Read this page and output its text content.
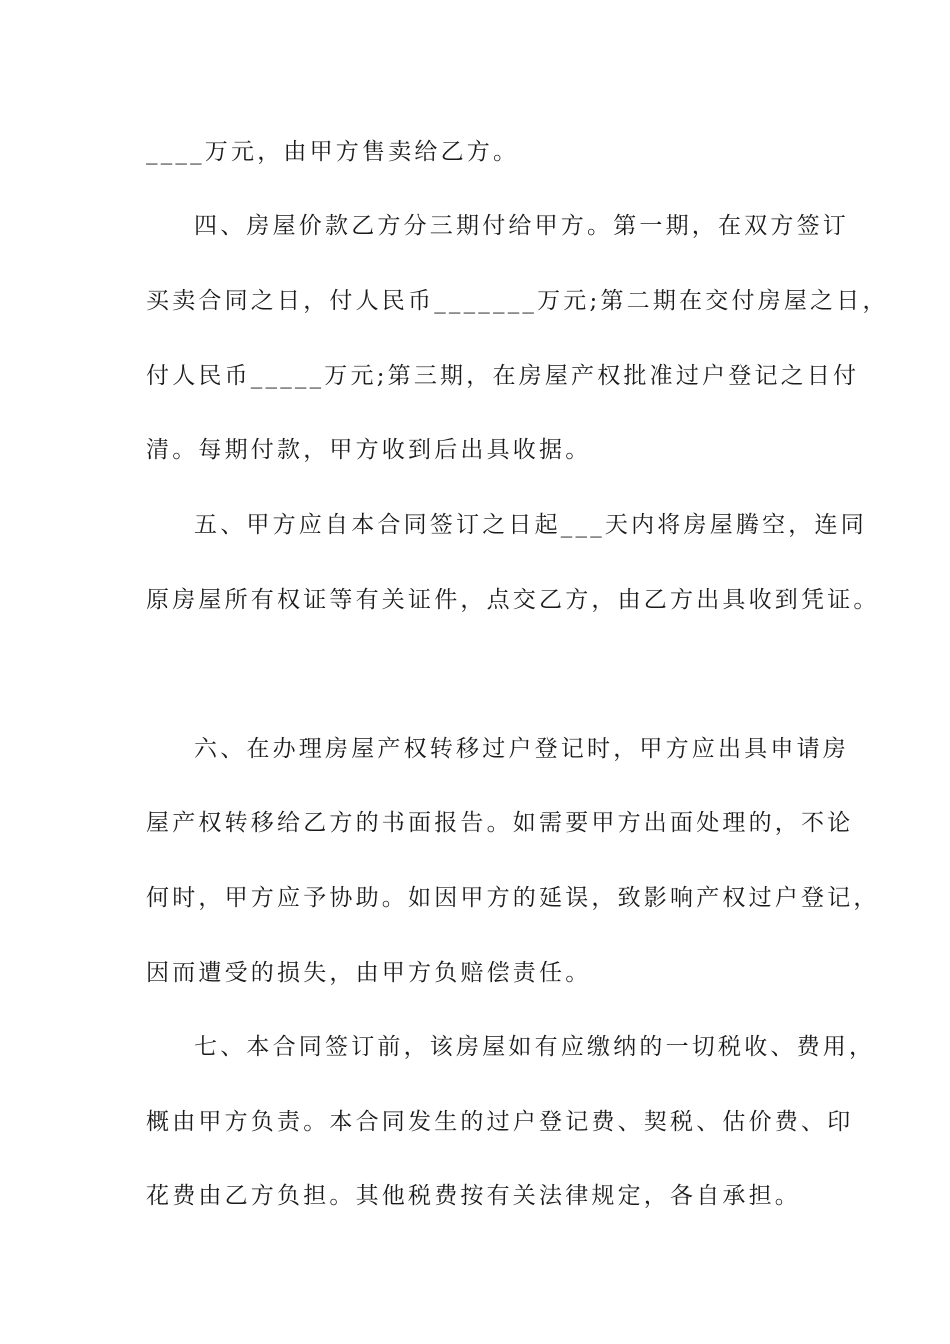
____万元，由甲方售卖给乙方。
四、房屋价款乙方分三期付给甲方。第一期，在双方签订
买卖合同之日，付人民币_______万元;第二期在交付房屋之日，
付人民币_____万元;第三期，在房屋产权批准过户登记之日付
清。每期付款，甲方收到后出具收据。
五、甲方应自本合同签订之日起___天内将房屋腾空，连同
原房屋所有权证等有关证件，点交乙方，由乙方出具收到凭证。
六、在办理房屋产权转移过户登记时，甲方应出具申请房
屋产权转移给乙方的书面报告。如需要甲方出面处理的，不论
何时，甲方应予协助。如因甲方的延误，致影响产权过户登记，
因而遭受的损失，由甲方负赔偿责任。
七、本合同签订前，该房屋如有应缴纳的一切税收、费用，
概由甲方负责。本合同发生的过户登记费、契税、估价费、印
花费由乙方负担。其他税费按有关法律规定，各自承担。
